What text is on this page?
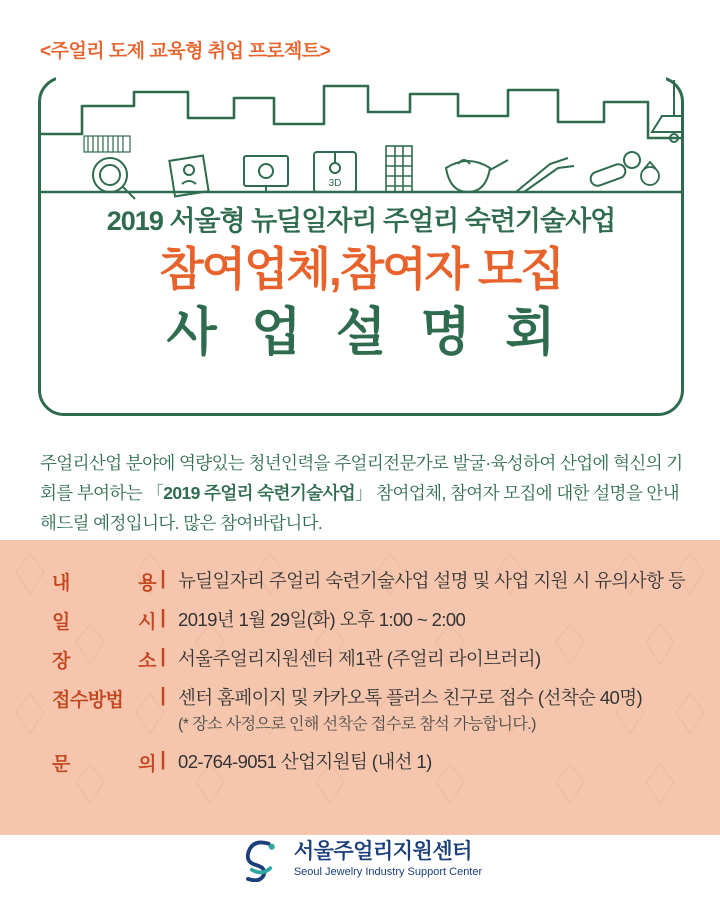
<주얼리 도제 교육형 취업 프로젝트>
3D
2019 서울형 뉴딜일자리 주얼리 숙련기술사업
참여업체,참여자 모집
사 업 설 명 회
주얼리산업 분야에 역량있는 청년인력을 주얼리전문가로 발굴·육성하여 산업에 혁신의 기회를 부여하는 「2019 주얼리 숙련기술사업」 참여업체, 참여자 모집에 대한 설명을 안내해드릴 예정입니다. 많은 참여바랍니다.
내	용 | 뉴딜일자리 주얼리 숙련기술사업 설명 및 사업 지원 시 유의사항 등
일	시 | 2019년 1월 29일(화) 오후 1:00 ~ 2:00
장	소 | 서울주얼리지원센터 제1관 (주얼리 라이브러리)
접수방법 | 센터 홈페이지 및 카카오톡 플러스 친구로 접수 (선착순 40명)
(* 장소 사정으로 인해 선착순 접수로 참석 가능합니다.)
문	의 | 02-764-9051 산업지원팀 (내선 1)
서울주얼리지원센터
Seoul Jewelry Industry Support Center
